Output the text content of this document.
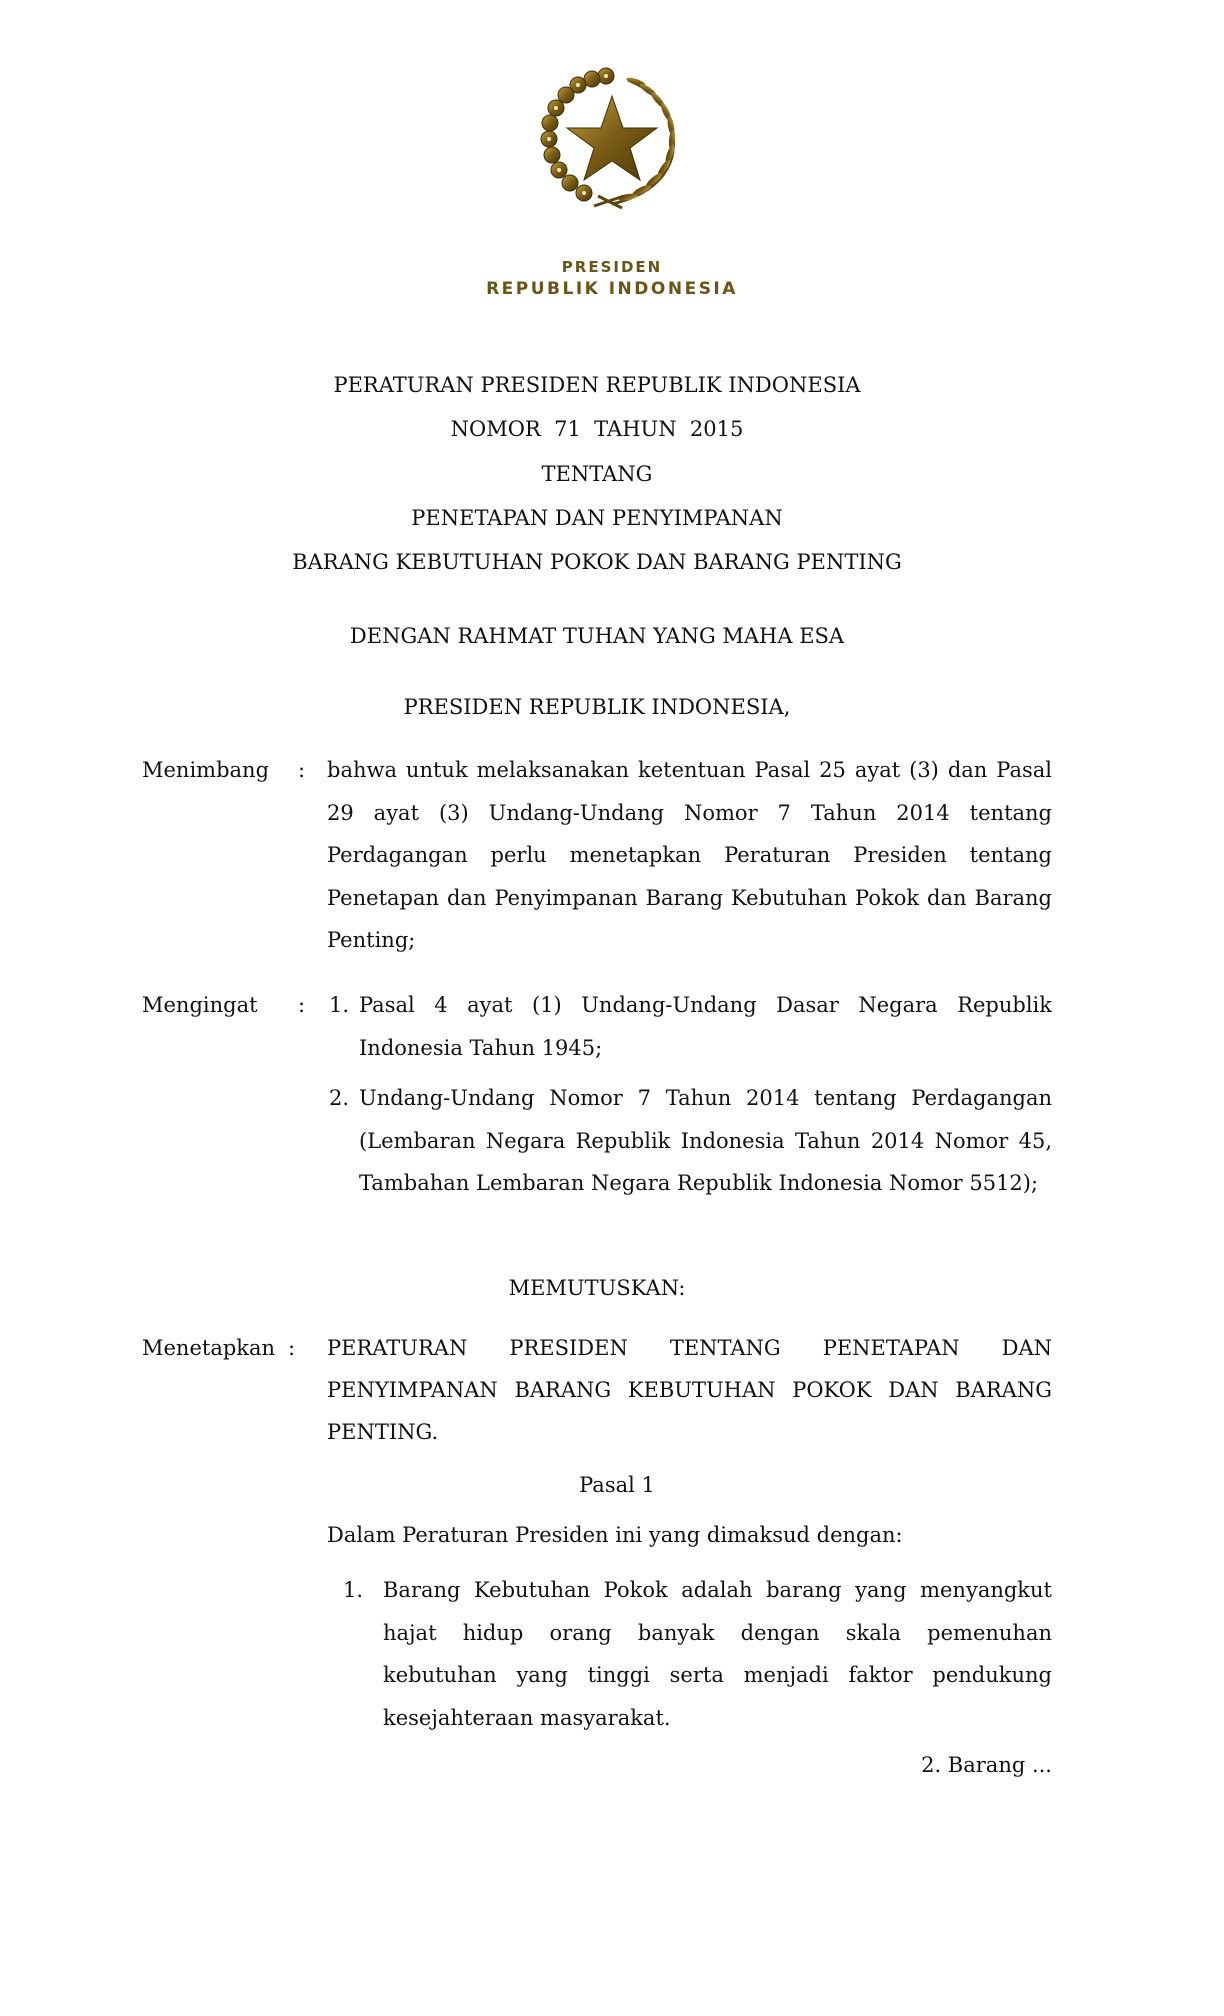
PRESIDEN
REPUBLIK INDONESIA
PERATURAN PRESIDEN REPUBLIK INDONESIA
NOMOR  71  TAHUN  2015
TENTANG
PENETAPAN DAN PENYIMPANAN
BARANG KEBUTUHAN POKOK DAN BARANG PENTING
DENGAN RAHMAT TUHAN YANG MAHA ESA
PRESIDEN REPUBLIK INDONESIA,
Menimbang : bahwa untuk melaksanakan ketentuan Pasal 25 ayat (3) dan Pasal 29 ayat (3) Undang-Undang Nomor 7 Tahun 2014 tentang Perdagangan perlu menetapkan Peraturan Presiden tentang Penetapan dan Penyimpanan Barang Kebutuhan Pokok dan Barang Penting;
Mengingat : 1. Pasal 4 ayat (1) Undang-Undang Dasar Negara Republik Indonesia Tahun 1945;
2. Undang-Undang Nomor 7 Tahun 2014 tentang Perdagangan (Lembaran Negara Republik Indonesia Tahun 2014 Nomor 45, Tambahan Lembaran Negara Republik Indonesia Nomor 5512);
MEMUTUSKAN:
Menetapkan : PERATURAN PRESIDEN TENTANG PENETAPAN DAN PENYIMPANAN BARANG KEBUTUHAN POKOK DAN BARANG PENTING.
Pasal 1
Dalam Peraturan Presiden ini yang dimaksud dengan:
1. Barang Kebutuhan Pokok adalah barang yang menyangkut hajat hidup orang banyak dengan skala pemenuhan kebutuhan yang tinggi serta menjadi faktor pendukung kesejahteraan masyarakat.
2. Barang ...
